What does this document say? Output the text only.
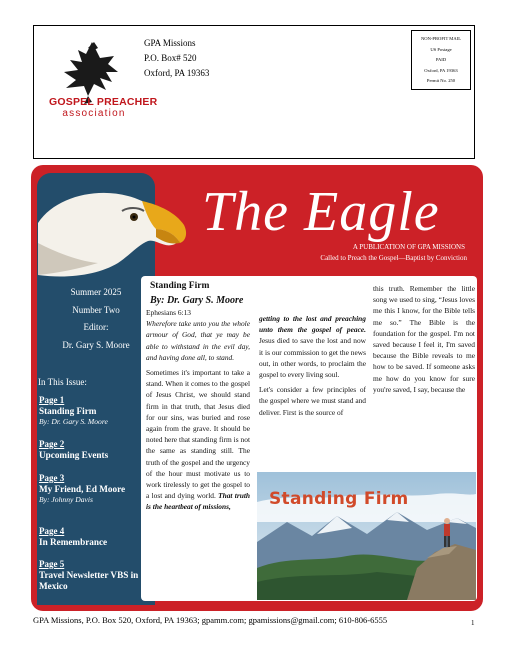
GOSPEL PREACHER
association
GPA Missions
P.O. Box# 520
Oxford, PA 19363
NON-PROFIT MAIL
US Postage
PAID
Oxford, PA 19363
Permit No. 250
The Eagle
A PUBLICATION OF GPA MISSIONS
Called to Preach the Gospel—Baptist by Conviction
Summer 2025
Number Two
Editor:
Dr. Gary S. Moore
In This Issue:
Page 1
Standing Firm
By: Dr. Gary S. Moore
Page 2
Upcoming Events
Page 3
My Friend, Ed Moore
By: Johnny Davis
Page 4
In Remembrance
Page 5
Travel Newsletter VBS in Mexico
Standing Firm
By: Dr. Gary S. Moore

Ephesians 6:13

Wherefore take unto you the whole armour of God, that ye may be able to withstand in the evil day, and having done all, to stand.

Sometimes it's important to take a stand. When it comes to the gospel of Jesus Christ, we should stand firm in that truth, that Jesus died for our sins, was buried and rose again from the grave. It should be noted here that standing firm is not the same as standing still. The truth of the gospel and the urgency of the hour must motivate us to work tirelessly to get the gospel to a lost and dying world. That truth is the heartbeat of missions,

getting to the lost and preaching unto them the gospel of peace. Jesus died to save the lost and now it is our commission to get the news out, in other words, to proclaim the gospel to every living soul.

Let's consider a few principles of the gospel where we must stand and deliver. First is the source of

this truth. Remember the little song we used to sing, “Jesus loves me this I know, for the Bible tells me so.” The Bible is the foundation for the gospel. I'm not saved because I feel it, I'm saved because the Bible reveals to me how to be saved. If someone asks me how do you know for sure you're saved, I say, because the

Standing Firm
GPA Missions, P.O. Box 520, Oxford, PA 19363; gpamm.com; gpamissions@gmail.com; 610-806-6555	1
